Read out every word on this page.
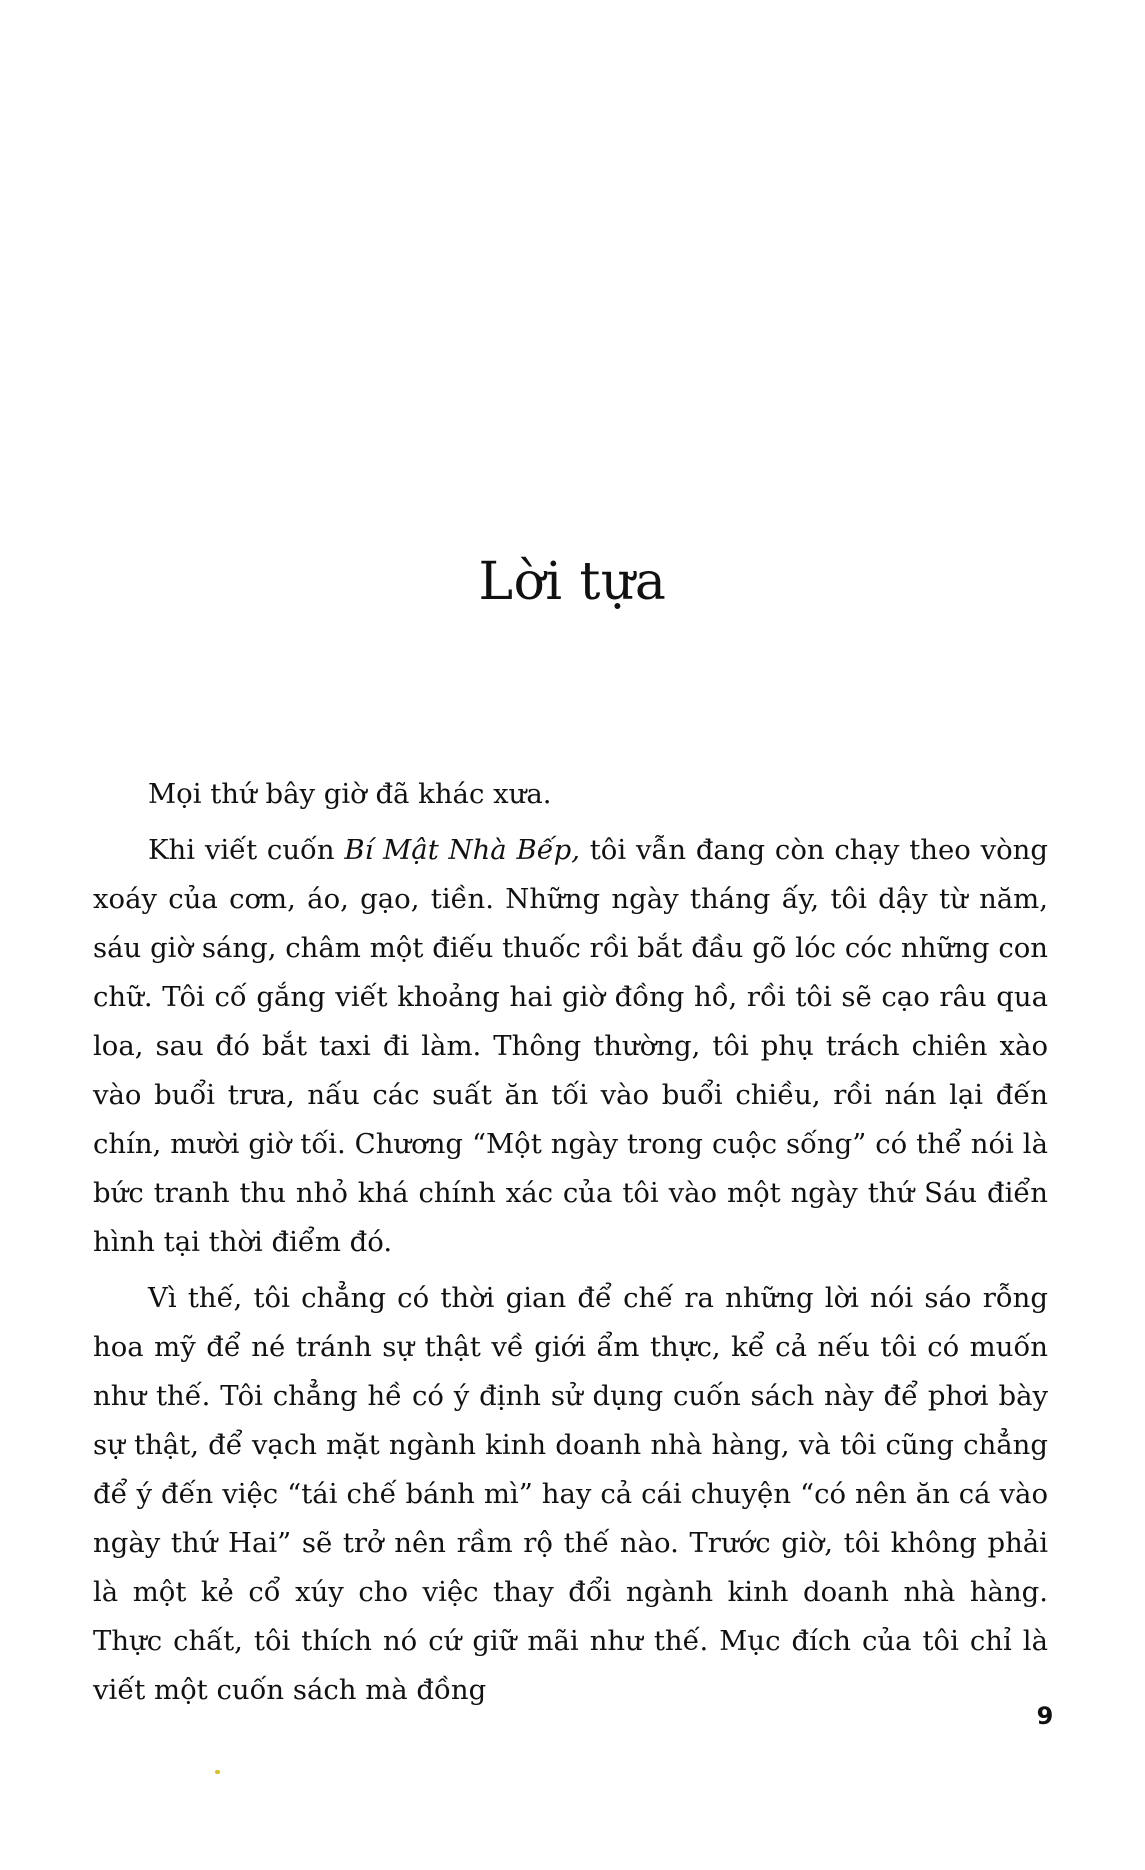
Lời tựa

Mọi thứ bây giờ đã khác xưa.

Khi viết cuốn Bí Mật Nhà Bếp, tôi vẫn đang còn chạy theo vòng xoáy của cơm, áo, gạo, tiền. Những ngày tháng ấy, tôi dậy từ năm, sáu giờ sáng, châm một điếu thuốc rồi bắt đầu gõ lóc cóc những con chữ. Tôi cố gắng viết khoảng hai giờ đồng hồ, rồi tôi sẽ cạo râu qua loa, sau đó bắt taxi đi làm. Thông thường, tôi phụ trách chiên xào vào buổi trưa, nấu các suất ăn tối vào buổi chiều, rồi nán lại đến chín, mười giờ tối. Chương “Một ngày trong cuộc sống” có thể nói là bức tranh thu nhỏ khá chính xác của tôi vào một ngày thứ Sáu điển hình tại thời điểm đó.

Vì thế, tôi chẳng có thời gian để chế ra những lời nói sáo rỗng hoa mỹ để né tránh sự thật về giới ẩm thực, kể cả nếu tôi có muốn như thế. Tôi chẳng hề có ý định sử dụng cuốn sách này để phơi bày sự thật, để vạch mặt ngành kinh doanh nhà hàng, và tôi cũng chẳng để ý đến việc “tái chế bánh mì” hay cả cái chuyện “có nên ăn cá vào ngày thứ Hai” sẽ trở nên rầm rộ thế nào. Trước giờ, tôi không phải là một kẻ cổ xúy cho việc thay đổi ngành kinh doanh nhà hàng. Thực chất, tôi thích nó cứ giữ mãi như thế. Mục đích của tôi chỉ là viết một cuốn sách mà đồng

9
